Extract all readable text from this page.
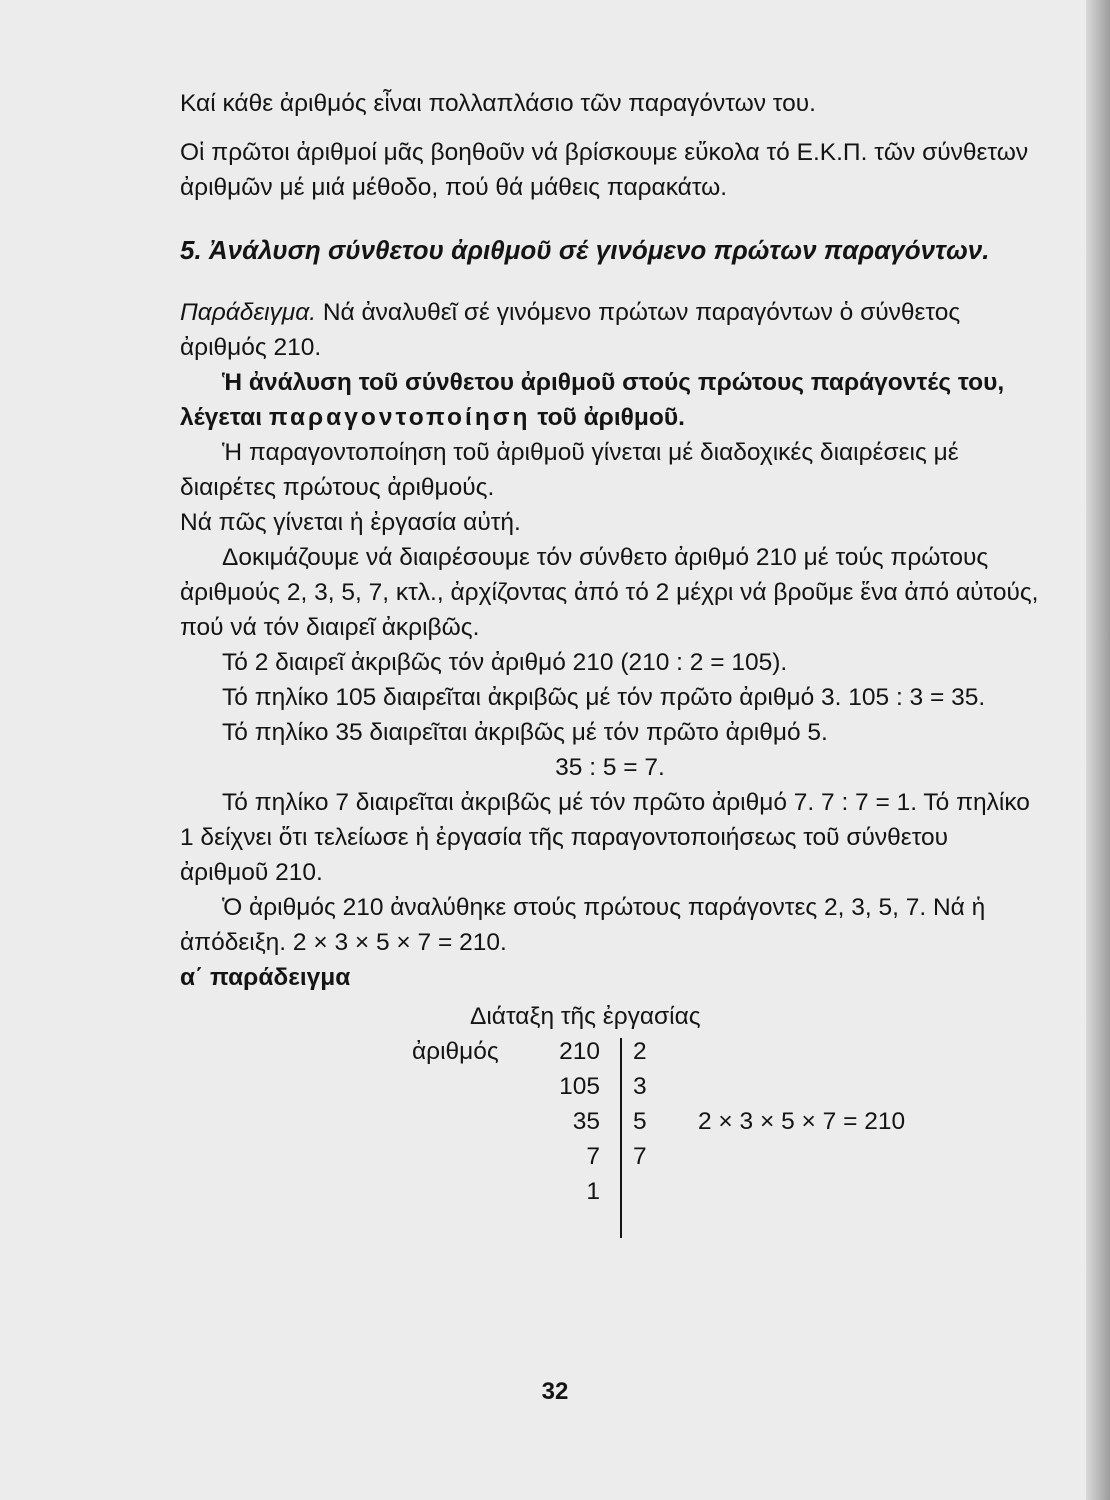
Καί κάθε ἀριθμός εἶναι πολλαπλάσιο τῶν παραγόντων του.

Οἱ πρῶτοι ἀριθμοί μᾶς βοηθοῦν νά βρίσκουμε εὔκολα τό Ε.Κ.Π. τῶν σύνθετων ἀριθμῶν μέ μιά μέθοδο, πού θά μάθεις παρακάτω.

5. Ἀνάλυση σύνθετου ἀριθμοῦ σέ γινόμενο πρώτων παραγόντων.

Παράδειγμα. Νά ἀναλυθεῖ σέ γινόμενο πρώτων παραγόντων ὁ σύνθετος ἀριθμός 210.

Ἡ ἀνάλυση τοῦ σύνθετου ἀριθμοῦ στούς πρώτους παράγοντές του, λέγεται παραγοντοποίηση τοῦ ἀριθμοῦ.

Ἡ παραγοντοποίηση τοῦ ἀριθμοῦ γίνεται μέ διαδοχικές διαιρέσεις μέ διαιρέτες πρώτους ἀριθμούς.

Νά πῶς γίνεται ἡ ἐργασία αὐτή.

Δοκιμάζουμε νά διαιρέσουμε τόν σύνθετο ἀριθμό 210 μέ τούς πρώτους ἀριθμούς 2, 3, 5, 7, κτλ., ἀρχίζοντας ἀπό τό 2 μέχρι νά βροῦμε ἕνα ἀπό αὐτούς, πού νά τόν διαιρεῖ ἀκριβῶς.

Τό 2 διαιρεῖ ἀκριβῶς τόν ἀριθμό 210 (210 : 2 = 105).

Τό πηλίκο 105 διαιρεῖται ἀκριβῶς μέ τόν πρῶτο ἀριθμό 3. 105 : 3 = 35.

Τό πηλίκο 35 διαιρεῖται ἀκριβῶς μέ τόν πρῶτο ἀριθμό 5.

35 : 5 = 7.

Τό πηλίκο 7 διαιρεῖται ἀκριβῶς μέ τόν πρῶτο ἀριθμό 7. 7 : 7 = 1. Τό πηλίκο 1 δείχνει ὅτι τελείωσε ἡ ἐργασία τῆς παραγοντοποιήσεως τοῦ σύνθετου ἀριθμοῦ 210.

Ὁ ἀριθμός 210 ἀναλύθηκε στούς πρώτους παράγοντες 2, 3, 5, 7. Νά ἡ ἀπόδειξη. 2 × 3 × 5 × 7 = 210.

α΄ παράδειγμα

Διάταξη τῆς ἐργασίας

ἀριθμός 210
105
35
7
1
2
3
5
7
2 × 3 × 5 × 7 = 210
32
